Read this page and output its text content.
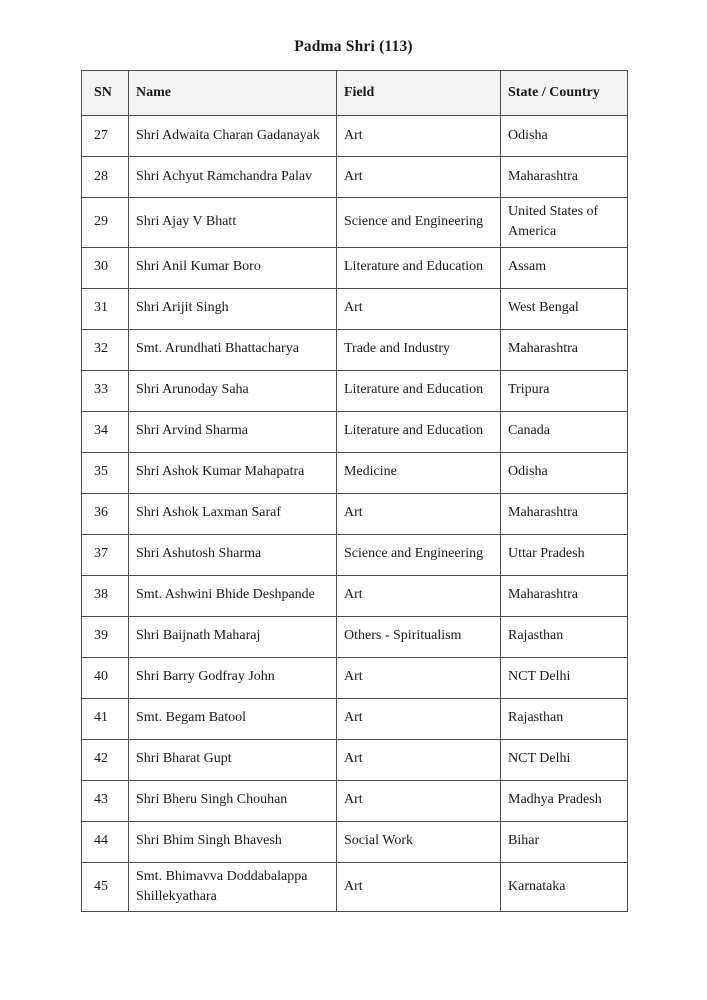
Padma Shri (113)

SN	Name	Field	State / Country
27	Shri Adwaita Charan Gadanayak	Art	Odisha
28	Shri Achyut Ramchandra Palav	Art	Maharashtra
29	Shri Ajay V Bhatt	Science and Engineering	United States of America
30	Shri Anil Kumar Boro	Literature and Education	Assam
31	Shri Arijit Singh	Art	West Bengal
32	Smt. Arundhati Bhattacharya	Trade and Industry	Maharashtra
33	Shri Arunoday Saha	Literature and Education	Tripura
34	Shri Arvind Sharma	Literature and Education	Canada
35	Shri Ashok Kumar Mahapatra	Medicine	Odisha
36	Shri Ashok Laxman Saraf	Art	Maharashtra
37	Shri Ashutosh Sharma	Science and Engineering	Uttar Pradesh
38	Smt. Ashwini Bhide Deshpande	Art	Maharashtra
39	Shri Baijnath Maharaj	Others - Spiritualism	Rajasthan
40	Shri Barry Godfray John	Art	NCT Delhi
41	Smt. Begam Batool	Art	Rajasthan
42	Shri Bharat Gupt	Art	NCT Delhi
43	Shri Bheru Singh Chouhan	Art	Madhya Pradesh
44	Shri Bhim Singh Bhavesh	Social Work	Bihar
45	Smt. Bhimavva Doddabalappa Shillekyathara	Art	Karnataka
